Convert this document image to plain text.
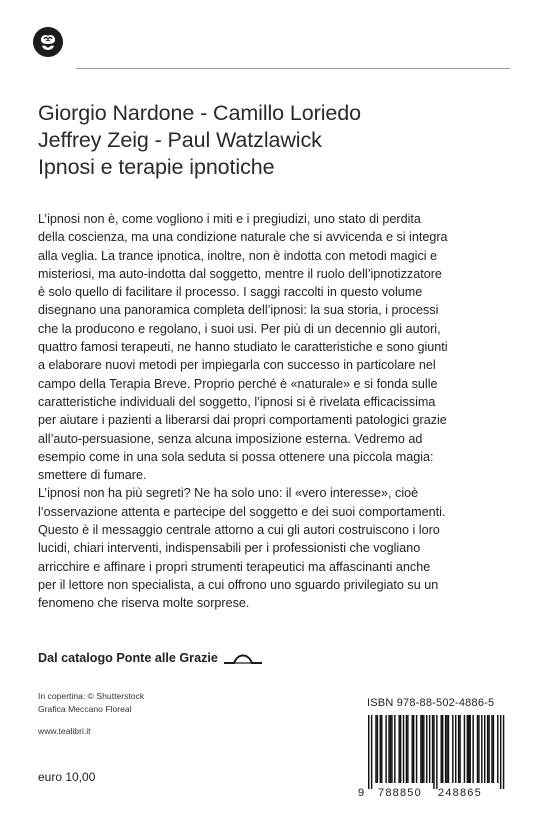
Giorgio Nardone - Camillo Loriedo
Jeffrey Zeig - Paul Watzlawick
Ipnosi e terapie ipnotiche
L’ipnosi non è, come vogliono i miti e i pregiudizi, uno stato di perdita
della coscienza, ma una condizione naturale che si avvicenda e si integra
alla veglia. La trance ipnotica, inoltre, non è indotta con metodi magici e
misteriosi, ma auto-indotta dal soggetto, mentre il ruolo dell’ipnotizzatore
è solo quello di facilitare il processo. I saggi raccolti in questo volume
disegnano una panoramica completa dell’ipnosi: la sua storia, i processi
che la producono e regolano, i suoi usi. Per più di un decennio gli autori,
quattro famosi terapeuti, ne hanno studiato le caratteristiche e sono giunti
a elaborare nuovi metodi per impiegarla con successo in particolare nel
campo della Terapia Breve. Proprio perché è «naturale» e si fonda sulle
caratteristiche individuali del soggetto, l’ipnosi si è rivelata efficacissima
per aiutare i pazienti a liberarsi dai propri comportamenti patologici grazie
all’auto-persuasione, senza alcuna imposizione esterna. Vedremo ad
esempio come in una sola seduta si possa ottenere una piccola magia:
smettere di fumare.
L’ipnosi non ha più segreti? Ne ha solo uno: il «vero interesse», cioè
l’osservazione attenta e partecipe del soggetto e dei suoi comportamenti.
Questo è il messaggio centrale attorno a cui gli autori costruiscono i loro
lucidi, chiari interventi, indispensabili per i professionisti che vogliano
arricchire e affinare i propri strumenti terapeutici ma affascinanti anche
per il lettore non specialista, a cui offrono uno sguardo privilegiato su un
fenomeno che riserva molte sorprese.
Dal catalogo Ponte alle Grazie
In copertina: © Shutterstock
Grafica Meccano Floreal
www.tealibri.it
euro 10,00
ISBN 978-88-502-4886-5
9 788850 248865
